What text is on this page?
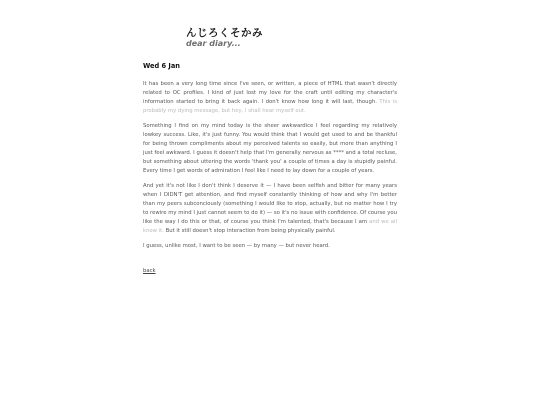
んじろくそかみ
dear diary...
Wed 6 Jan

It has been a very long time since I've seen, or written, a piece of HTML that wasn't directly related to OC profiles. I kind of just lost my love for the craft until editing my character's information started to bring it back again. I don't know how long it will last, though. This is probably my dying message, but hey, I shall hear myself out.

Something I find on my mind today is the sheer awkwardice I feel regarding my relatively lowkey success. Like, it's just funny. You would think that I would get used to and be thankful for being thrown compliments about my perceived talents so easily, but more than anything I just feel awkward. I guess it doesn't help that I'm generally nervous as **** and a total recluse, but something about uttering the words 'thank you' a couple of times a day is stupidly painful. Every time I get words of admiration I feel like I need to lay down for a couple of years.

And yet it's not like I don't think I deserve it — I have been selfish and bitter for many years when I DIDN'T get attention, and find myself constantly thinking of how and why I'm better than my peers subconciously (something I would like to stop, actually, but no matter how I try to rewire my mind I just cannot seem to do it) — so it's no issue with confidence. Of course you like the way I do this or that, of course you think I'm talented, that's because I am and we all know it. But it still doesn't stop interaction from being physically painful.

I guess, unlike most, I want to be seen — by many — but never heard.

back
